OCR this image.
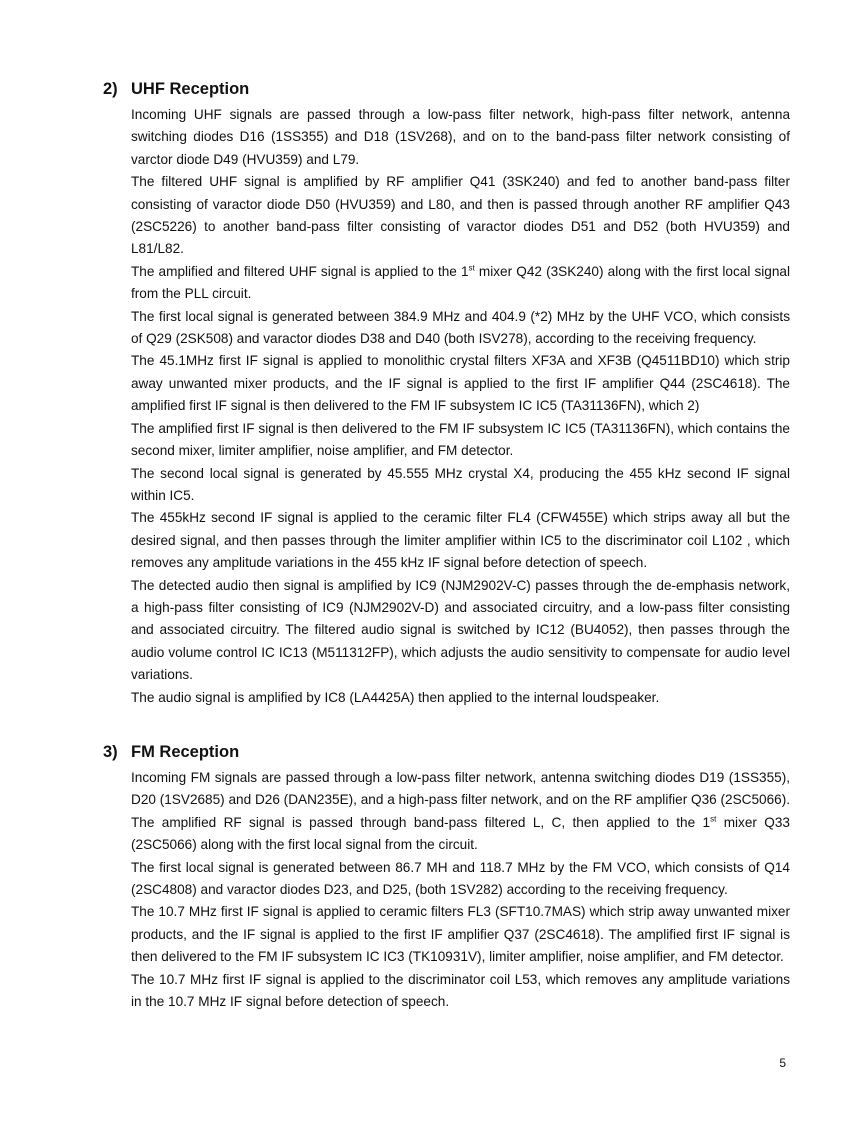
2) UHF Reception

Incoming UHF signals are passed through a low-pass filter network, high-pass filter network, antenna switching diodes D16 (1SS355) and D18 (1SV268), and on to the band-pass filter network consisting of varctor diode D49 (HVU359) and L79.

The filtered UHF signal is amplified by RF amplifier Q41 (3SK240) and fed to another band-pass filter consisting of varactor diode D50 (HVU359) and L80, and then is passed through another RF amplifier Q43 (2SC5226) to another band-pass filter consisting of varactor diodes D51 and D52 (both HVU359) and L81/L82.

The amplified and filtered UHF signal is applied to the 1st mixer Q42 (3SK240) along with the first local signal from the PLL circuit.

The first local signal is generated between 384.9 MHz and 404.9 (*2) MHz by the UHF VCO, which consists of Q29 (2SK508) and varactor diodes D38 and D40 (both ISV278), according to the receiving frequency.

The 45.1MHz first IF signal is applied to monolithic crystal filters XF3A and XF3B (Q4511BD10) which strip away unwanted mixer products, and the IF signal is applied to the first IF amplifier Q44 (2SC4618). The amplified first IF signal is then delivered to the FM IF subsystem IC IC5 (TA31136FN), which 2)

The amplified first IF signal is then delivered to the FM IF subsystem IC IC5 (TA31136FN), which contains the second mixer, limiter amplifier, noise amplifier, and FM detector.

The second local signal is generated by 45.555 MHz crystal X4, producing the 455 kHz second IF signal within IC5.

The 455kHz second IF signal is applied to the ceramic filter FL4 (CFW455E) which strips away all but the desired signal, and then passes through the limiter amplifier within IC5 to the discriminator coil L102 , which removes any amplitude variations in the 455 kHz IF signal before detection of speech.

The detected audio then signal is amplified by IC9 (NJM2902V-C) passes through the de-emphasis network, a high-pass filter consisting of IC9 (NJM2902V-D) and associated circuitry, and a low-pass filter consisting and associated circuitry. The filtered audio signal is switched by IC12 (BU4052), then passes through the audio volume control IC IC13 (M511312FP), which adjusts the audio sensitivity to compensate for audio level variations.

The audio signal is amplified by IC8 (LA4425A) then applied to the internal loudspeaker.

3) FM Reception

Incoming FM signals are passed through a low-pass filter network, antenna switching diodes D19 (1SS355), D20 (1SV2685) and D26 (DAN235E), and a high-pass filter network, and on the RF amplifier Q36 (2SC5066). The amplified RF signal is passed through band-pass filtered L, C, then applied to the 1st mixer Q33 (2SC5066) along with the first local signal from the circuit.

The first local signal is generated between 86.7 MH and 118.7 MHz by the FM VCO, which consists of Q14 (2SC4808) and varactor diodes D23, and D25, (both 1SV282) according to the receiving frequency.

The 10.7 MHz first IF signal is applied to ceramic filters FL3 (SFT10.7MAS) which strip away unwanted mixer products, and the IF signal is applied to the first IF amplifier Q37 (2SC4618). The amplified first IF signal is then delivered to the FM IF subsystem IC IC3 (TK10931V), limiter amplifier, noise amplifier, and FM detector.

The 10.7 MHz first IF signal is applied to the discriminator coil L53, which removes any amplitude variations in the 10.7 MHz IF signal before detection of speech.

5
